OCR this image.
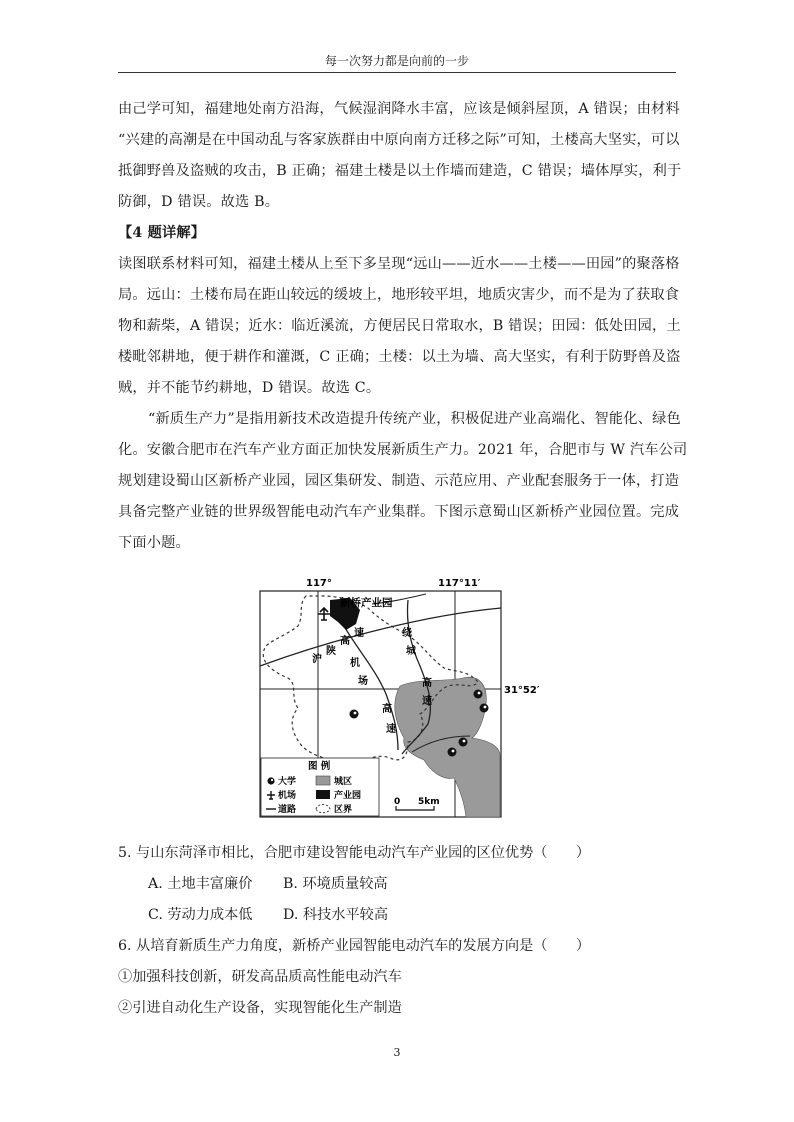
每一次努力都是向前的一步
由己学可知，福建地处南方沿海，气候湿润降水丰富，应该是倾斜屋顶，A 错误；由材料
“兴建的高潮是在中国动乱与客家族群由中原向南方迁移之际”可知，土楼高大坚实，可以
抵御野兽及盗贼的攻击，B 正确；福建土楼是以土作墙而建造，C 错误；墙体厚实，利于
防御，D 错误。故选 B。
【4 题详解】
读图联系材料可知，福建土楼从上至下多呈现“远山——近水——土楼——田园”的聚落格
局。远山：土楼布局在距山较远的缓坡上，地形较平坦，地质灾害少，而不是为了获取食
物和薪柴，A 错误；近水：临近溪流，方便居民日常取水，B 错误；田园：低处田园，土
楼毗邻耕地，便于耕作和灌溉，C 正确；土楼：以土为墙、高大坚实，有利于防野兽及盗
贼，并不能节约耕地，D 错误。故选 C。
“新质生产力”是指用新技术改造提升传统产业，积极促进产业高端化、智能化、绿色
化。安徽合肥市在汽车产业方面正加快发展新质生产力。2021 年，合肥市与 W 汽车公司
规划建设蜀山区新桥产业园，园区集研发、制造、示范应用、产业配套服务于一体，打造
具备完整产业链的世界级智能电动汽车产业集群。下图示意蜀山区新桥产业园位置。完成
下面小题。
117°	117°11′
31°52′
沪
陕
高
速	绕
城
高
速
机
场
高
速
新桥产业园
图 例
大学	城区
机场	产业园
道路	区界
0 5km
5. 与山东菏泽市相比，合肥市建设智能电动汽车产业园的区位优势（　　）
A. 土地丰富廉价 B. 环境质量较高
C. 劳动力成本低 D. 科技水平较高
6. 从培育新质生产力角度，新桥产业园智能电动汽车的发展方向是（　　）
①加强科技创新，研发高品质高性能电动汽车
②引进自动化生产设备，实现智能化生产制造
3
